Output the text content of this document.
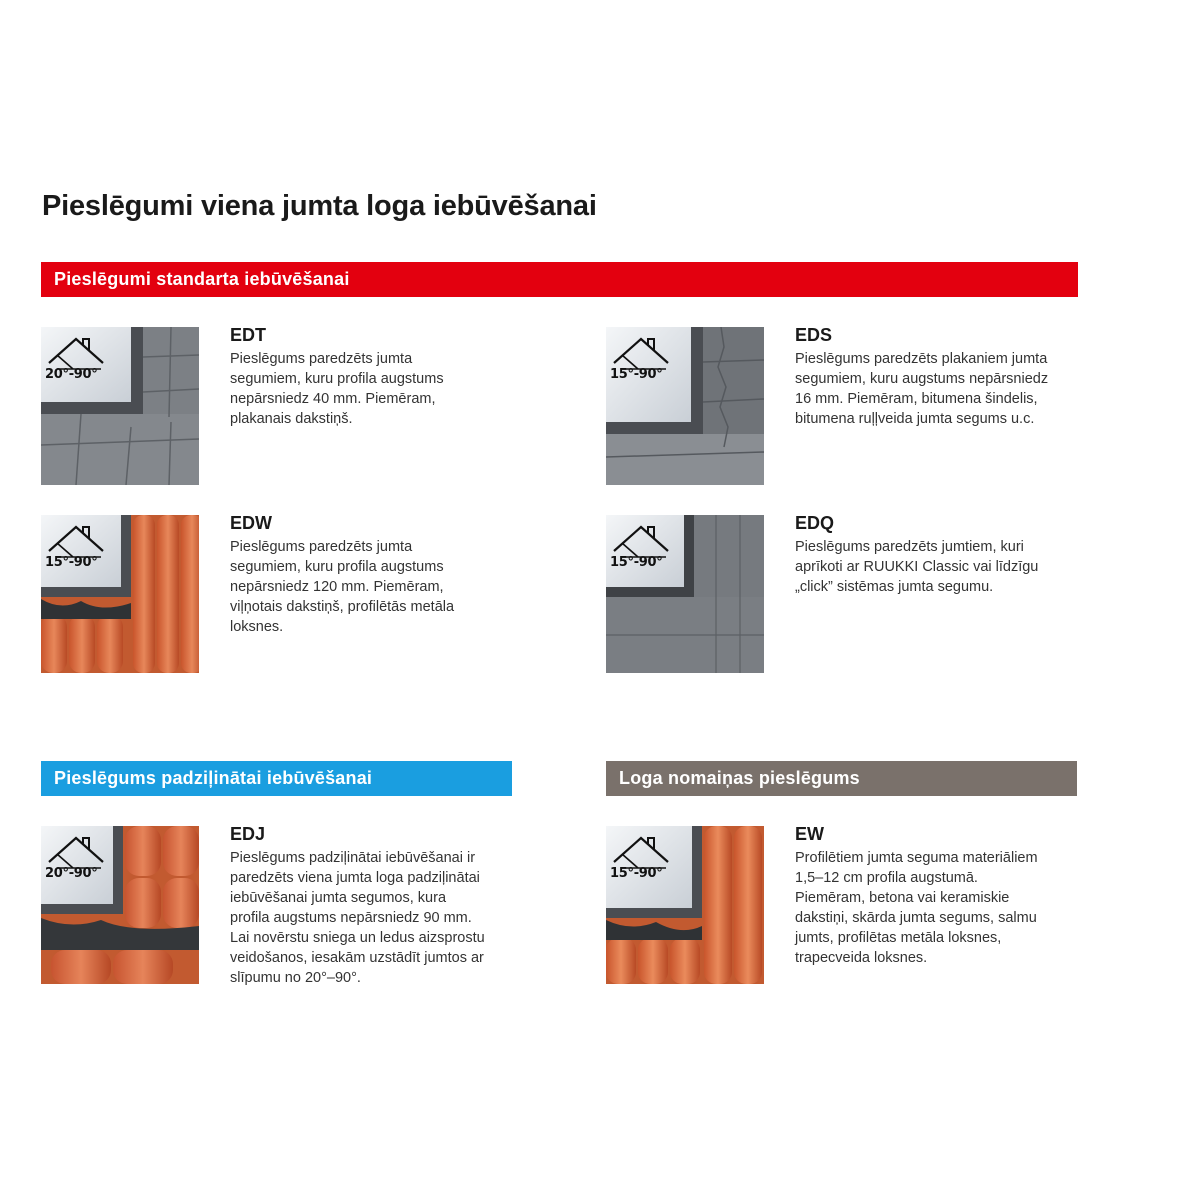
Pieslēgumi viena jumta loga iebūvēšanai
Pieslēgumi standarta iebūvēšanai
20°-90°
EDT
Pieslēgums paredzēts jumta
segumiem, kuru profila augstums
nepārsniedz 40 mm. Piemēram,
plakanais dakstiņš.
15°-90°
EDS
Pieslēgums paredzēts plakaniem jumta
segumiem, kuru augstums nepārsniedz
16 mm. Piemēram, bitumena šindelis,
bitumena ruļļveida jumta segums u.c.
15°-90°
EDW
Pieslēgums paredzēts jumta
segumiem, kuru profila augstums
nepārsniedz 120 mm. Piemēram,
viļņotais dakstiņš, profilētās metāla
loksnes.
15°-90°
EDQ
Pieslēgums paredzēts jumtiem, kuri
aprīkoti ar RUUKKI Classic vai līdzīgu
„click” sistēmas jumta segumu.
Pieslēgums padziļinātai iebūvēšanai	Loga nomaiņas pieslēgums
20°-90°
EDJ
Pieslēgums padziļinātai iebūvēšanai ir
paredzēts viena jumta loga padziļinātai
iebūvēšanai jumta segumos, kura
profila augstums nepārsniedz 90 mm.
Lai novērstu sniega un ledus aizsprostu
veidošanos, iesakām uzstādīt jumtos ar
slīpumu no 20°–90°.
15°-90°
EW
Profilētiem jumta seguma materiāliem
1,5–12 cm profila augstumā.
Piemēram, betona vai keramiskie
dakstiņi, skārda jumta segums, salmu
jumts, profilētas metāla loksnes,
trapecveida loksnes.
